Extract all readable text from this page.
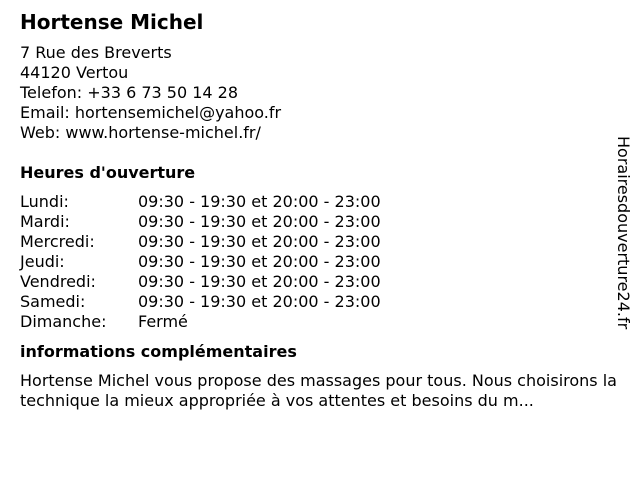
Hortense Michel
7 Rue des Breverts
44120 Vertou
Telefon: +33 6 73 50 14 28
Email: hortensemichel@yahoo.fr
Web: www.hortense-michel.fr/
Heures d'ouverture
Lundi:	09:30 - 19:30 et 20:00 - 23:00
Mardi:	09:30 - 19:30 et 20:00 - 23:00
Mercredi:	09:30 - 19:30 et 20:00 - 23:00
Jeudi:	09:30 - 19:30 et 20:00 - 23:00
Vendredi:	09:30 - 19:30 et 20:00 - 23:00
Samedi:	09:30 - 19:30 et 20:00 - 23:00
Dimanche:	Fermé
informations complémentaires
Hortense Michel vous propose des massages pour tous. Nous choisirons la technique la mieux appropriée à vos attentes et besoins du m...
Horairesdouverture24.fr
